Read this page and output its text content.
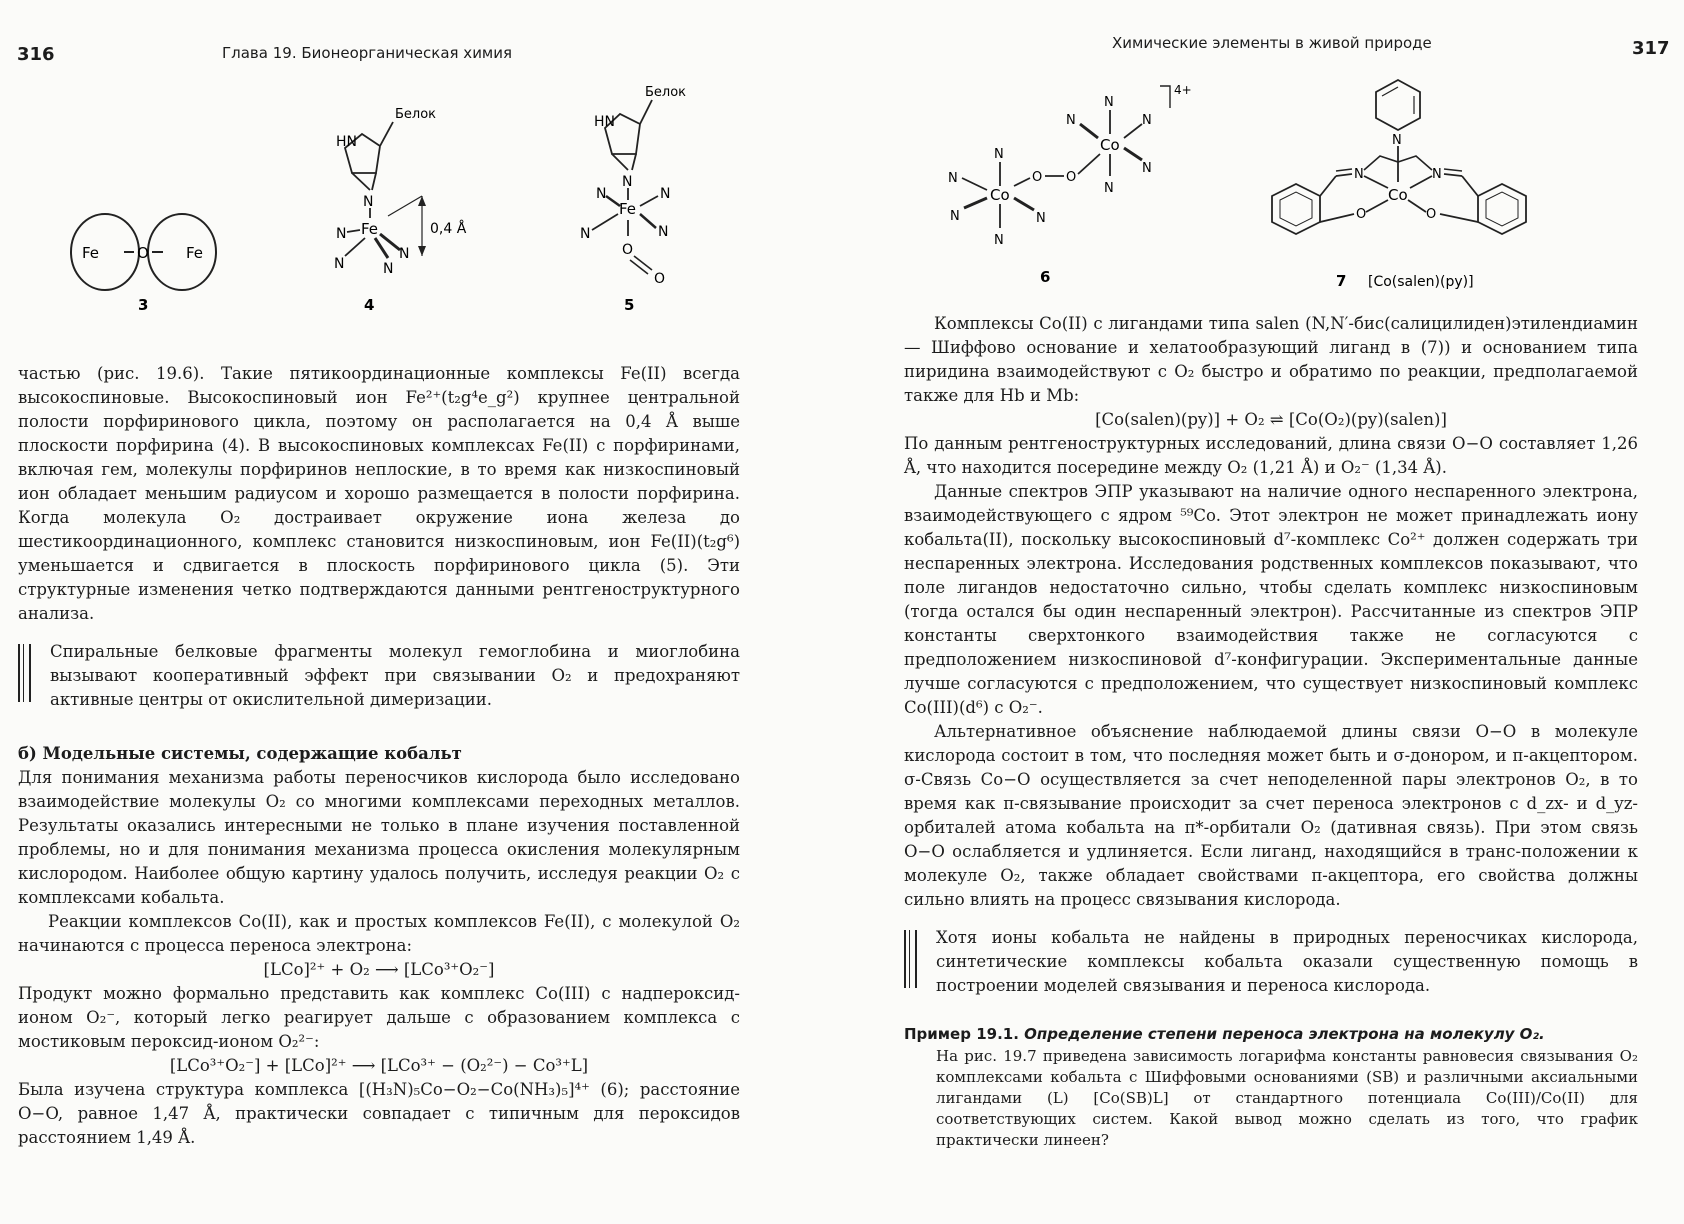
316	Глава 19. Бионеорганическая химия
Fe	O Fe
3
Белок
HN
N
Fe
N
N	N
N
0,4 Å
4
Белок
HN
N
Fe
N	N
N	N
O
O
5

частью (рис. 19.6). Такие пятикоординационные комплексы Fe(II) всегда высокоспиновые. Высокоспиновый ион Fe²⁺(t₂g⁴e_g²) крупнее центральной полости порфиринового цикла, поэтому он располагается на 0,4 Å выше плоскости порфирина (4). В высокоспиновых комплексах Fe(II) с порфиринами, включая гем, молекулы порфиринов неплоские, в то время как низкоспиновый ион обладает меньшим радиусом и хорошо размещается в полости порфирина. Когда молекула O₂ достраивает окружение иона железа до шестикоординационного, комплекс становится низкоспиновым, ион Fe(II)(t₂g⁶) уменьшается и сдвигается в плоскость порфиринового цикла (5). Эти структурные изменения четко подтверждаются данными рентгеноструктурного анализа.

Спиральные белковые фрагменты молекул гемоглобина и миоглобина вызывают кооперативный эффект при связывании O₂ и предохраняют активные центры от окислительной димеризации.

б) Модельные системы, содержащие кобальт

Для понимания механизма работы переносчиков кислорода было исследовано взаимодействие молекулы O₂ со многими комплексами переходных металлов. Результаты оказались интересными не только в плане изучения поставленной проблемы, но и для понимания механизма процесса окисления молекулярным кислородом. Наиболее общую картину удалось получить, исследуя реакции O₂ с комплексами кобальта.

Реакции комплексов Co(II), как и простых комплексов Fe(II), с молекулой O₂ начинаются с процесса переноса электрона:

[LCo]²⁺ + O₂ ⟶ [LCo³⁺O₂⁻]

Продукт можно формально представить как комплекс Co(III) с надпероксид-ионом O₂⁻, который легко реагирует дальше с образованием комплекса с мостиковым пероксид-ионом O₂²⁻:

[LCo³⁺O₂⁻] + [LCo]²⁺ ⟶ [LCo³⁺ − (O₂²⁻) − Co³⁺L]

Была изучена структура комплекса [(H₃N)₅Co−O₂−Co(NH₃)₅]⁴⁺ (6); расстояние O−O, равное 1,47 Å, практически совпадает с типичным для пероксидов расстоянием 1,49 Å.

Химические элементы в живой природе	317
Co
N
N
N
N	N
O O
Co
N
N
N	N
N
4+
6
N
Co
N	N
O	O
7 [Co(salen)(py)]

Комплексы Co(II) с лигандами типа salen (N,N′-бис(салицилиден)этилендиамин — Шиффово основание и хелатообразующий лиганд в (7)) и основанием типа пиридина взаимодействуют с O₂ быстро и обратимо по реакции, предполагаемой также для Hb и Mb:

[Co(salen)(py)] + O₂ ⇌ [Co(O₂)(py)(salen)]

По данным рентгеноструктурных исследований, длина связи O−O составляет 1,26 Å, что находится посередине между O₂ (1,21 Å) и O₂⁻ (1,34 Å).

Данные спектров ЭПР указывают на наличие одного неспаренного электрона, взаимодействующего с ядром ⁵⁹Co. Этот электрон не может принадлежать иону кобальта(II), поскольку высокоспиновый d⁷-комплекс Co²⁺ должен содержать три неспаренных электрона. Исследования родственных комплексов показывают, что поле лигандов недостаточно сильно, чтобы сделать комплекс низкоспиновым (тогда остался бы один неспаренный электрон). Рассчитанные из спектров ЭПР константы сверхтонкого взаимодействия также не согласуются с предположением низкоспиновой d⁷-конфигурации. Экспериментальные данные лучше согласуются с предположением, что существует низкоспиновый комплекс Co(III)(d⁶) с O₂⁻.

Альтернативное объяснение наблюдаемой длины связи O−O в молекуле кислорода состоит в том, что последняя может быть и σ-донором, и π-акцептором. σ-Связь Co−O осуществляется за счет неподеленной пары электронов O₂, в то время как π-связывание происходит за счет переноса электронов с d_zx- и d_yz-орбиталей атома кобальта на π*-орбитали O₂ (дативная связь). При этом связь O−O ослабляется и удлиняется. Если лиганд, находящийся в транс-положении к молекуле O₂, также обладает свойствами π-акцептора, его свойства должны сильно влиять на процесс связывания кислорода.

Хотя ионы кобальта не найдены в природных переносчиках кислорода, синтетические комплексы кобальта оказали существенную помощь в построении моделей связывания и переноса кислорода.

Пример 19.1. Определение степени переноса электрона на молекулу O₂.

На рис. 19.7 приведена зависимость логарифма константы равновесия связывания O₂ комплексами кобальта с Шиффовыми основаниями (SB) и различными аксиальными лигандами (L) [Co(SB)L] от стандартного потенциала Co(III)/Co(II) для соответствующих систем. Какой вывод можно сделать из того, что график практически линеен?
